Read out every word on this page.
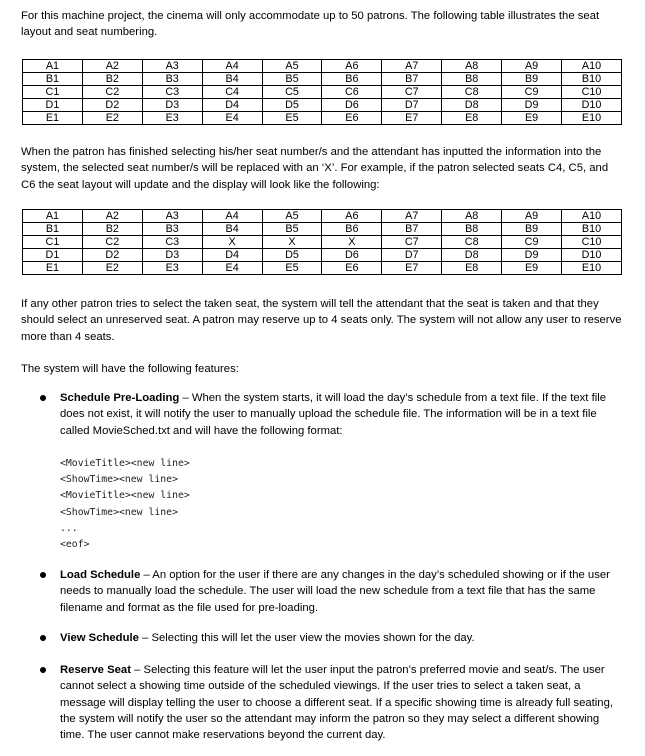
For this machine project, the cinema will only accommodate up to 50 patrons. The following table illustrates the seat layout and seat numbering.

A1	A2	A3	A4	A5	A6	A7	A8	A9	A10
B1	B2	B3	B4	B5	B6	B7	B8	B9	B10
C1	C2	C3	C4	C5	C6	C7	C8	C9	C10
D1	D2	D3	D4	D5	D6	D7	D8	D9	D10
E1	E2	E3	E4	E5	E6	E7	E8	E9	E10

When the patron has finished selecting his/her seat number/s and the attendant has inputted the information into the system, the selected seat number/s will be replaced with an ‘X’. For example, if the patron selected seats C4, C5, and C6 the seat layout will update and the display will look like the following:

A1	A2	A3	A4	A5	A6	A7	A8	A9	A10
B1	B2	B3	B4	B5	B6	B7	B8	B9	B10
C1	C2	C3	X	X	X	C7	C8	C9	C10
D1	D2	D3	D4	D5	D6	D7	D8	D9	D10
E1	E2	E3	E4	E5	E6	E7	E8	E9	E10

If any other patron tries to select the taken seat, the system will tell the attendant that the seat is taken and that they should select an unreserved seat. A patron may reserve up to 4 seats only. The system will not allow any user to reserve more than 4 seats.

The system will have the following features:

Schedule Pre-Loading – When the system starts, it will load the day’s schedule from a text file. If the text file does not exist, it will notify the user to manually upload the schedule file. The information will be in a text file called MovieSched.txt and will have the following format:
Load Schedule – An option for the user if there are any changes in the day’s scheduled showing or if the user needs to manually load the schedule. The user will load the new schedule from a text file that has the same filename and format as the file used for pre-loading.
View Schedule – Selecting this will let the user view the movies shown for the day.
Reserve Seat – Selecting this feature will let the user input the patron’s preferred movie and seat/s. The user cannot select a showing time outside of the scheduled viewings. If the user tries to select a taken seat, a message will display telling the user to choose a different seat. If a specific showing time is already full seating, the system will notify the user so the attendant may inform the patron so they may select a different showing time. The user cannot make reservations beyond the current day.
<MovieTitle><new line>
<ShowTime><new line>
<MovieTitle><new line>
<ShowTime><new line>
...
<eof>
